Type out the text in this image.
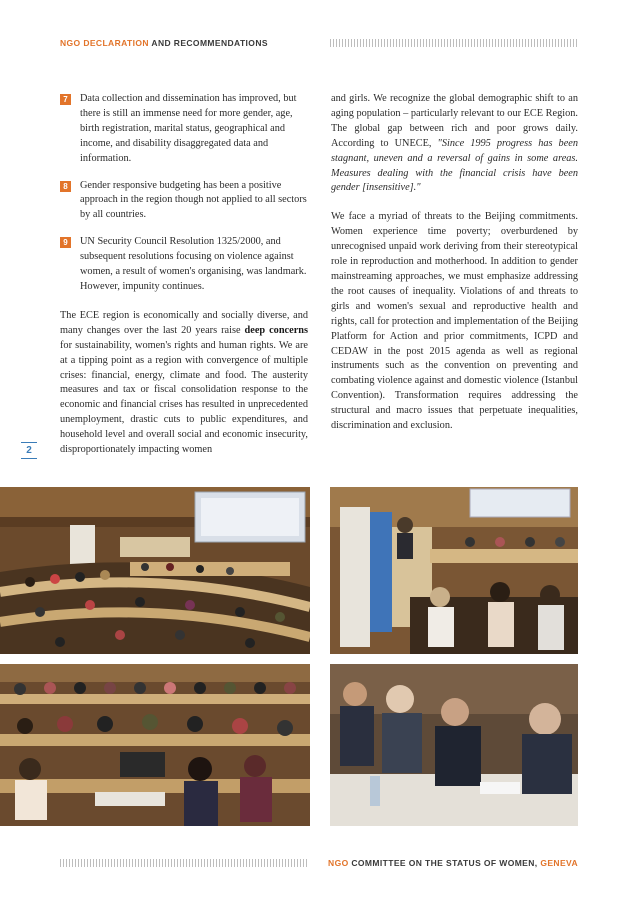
NGO DECLARATION AND RECOMMENDATIONS
7	Data collection and dissemination has improved, but there is still an immense need for more gender, age, birth registration, marital status, geographical and income, and disability disaggregated data and information.
8	Gender responsive budgeting has been a positive approach in the region though not applied to all sectors by all countries.
9	UN Security Council Resolution 1325/2000, and subsequent resolutions focusing on violence against women, a result of women's organising, was landmark. However, impunity continues.

The ECE region is economically and socially diverse, and many changes over the last 20 years raise deep concerns for sustainability, women's rights and human rights. We are at a tipping point as a region with convergence of multiple crises: financial, energy, climate and food. The austerity measures and tax or fiscal consolidation response to the economic and financial crises has resulted in unprecedented unemployment, drastic cuts to public expenditures, and household level and overall social and economic insecurity, disproportionately impacting women

2

and girls. We recognize the global demographic shift to an aging population – particularly relevant to our ECE Region. The global gap between rich and poor grows daily. According to UNECE, "Since 1995 progress has been stagnant, uneven and a reversal of gains in some areas. Measures dealing with the financial crisis have been gender [insensitive]."

We face a myriad of threats to the Beijing commitments. Women experience time poverty; overburdened by unrecognised unpaid work deriving from their stereotypical role in reproduction and motherhood. In addition to gender mainstreaming approaches, we must emphasize addressing the root causes of inequality. Violations of and threats to girls and women's sexual and reproductive health and rights, call for protection and implementation of the Beijing Platform for Action and prior commitments, ICPD and CEDAW in the post 2015 agenda as well as regional instruments such as the convention on preventing and combating violence against and domestic violence (Istanbul Convention). Transformation requires addressing the structural and macro issues that perpetuate inequalities, discrimination and exclusion.

NGO COMMITTEE ON THE STATUS OF WOMEN, GENEVA
